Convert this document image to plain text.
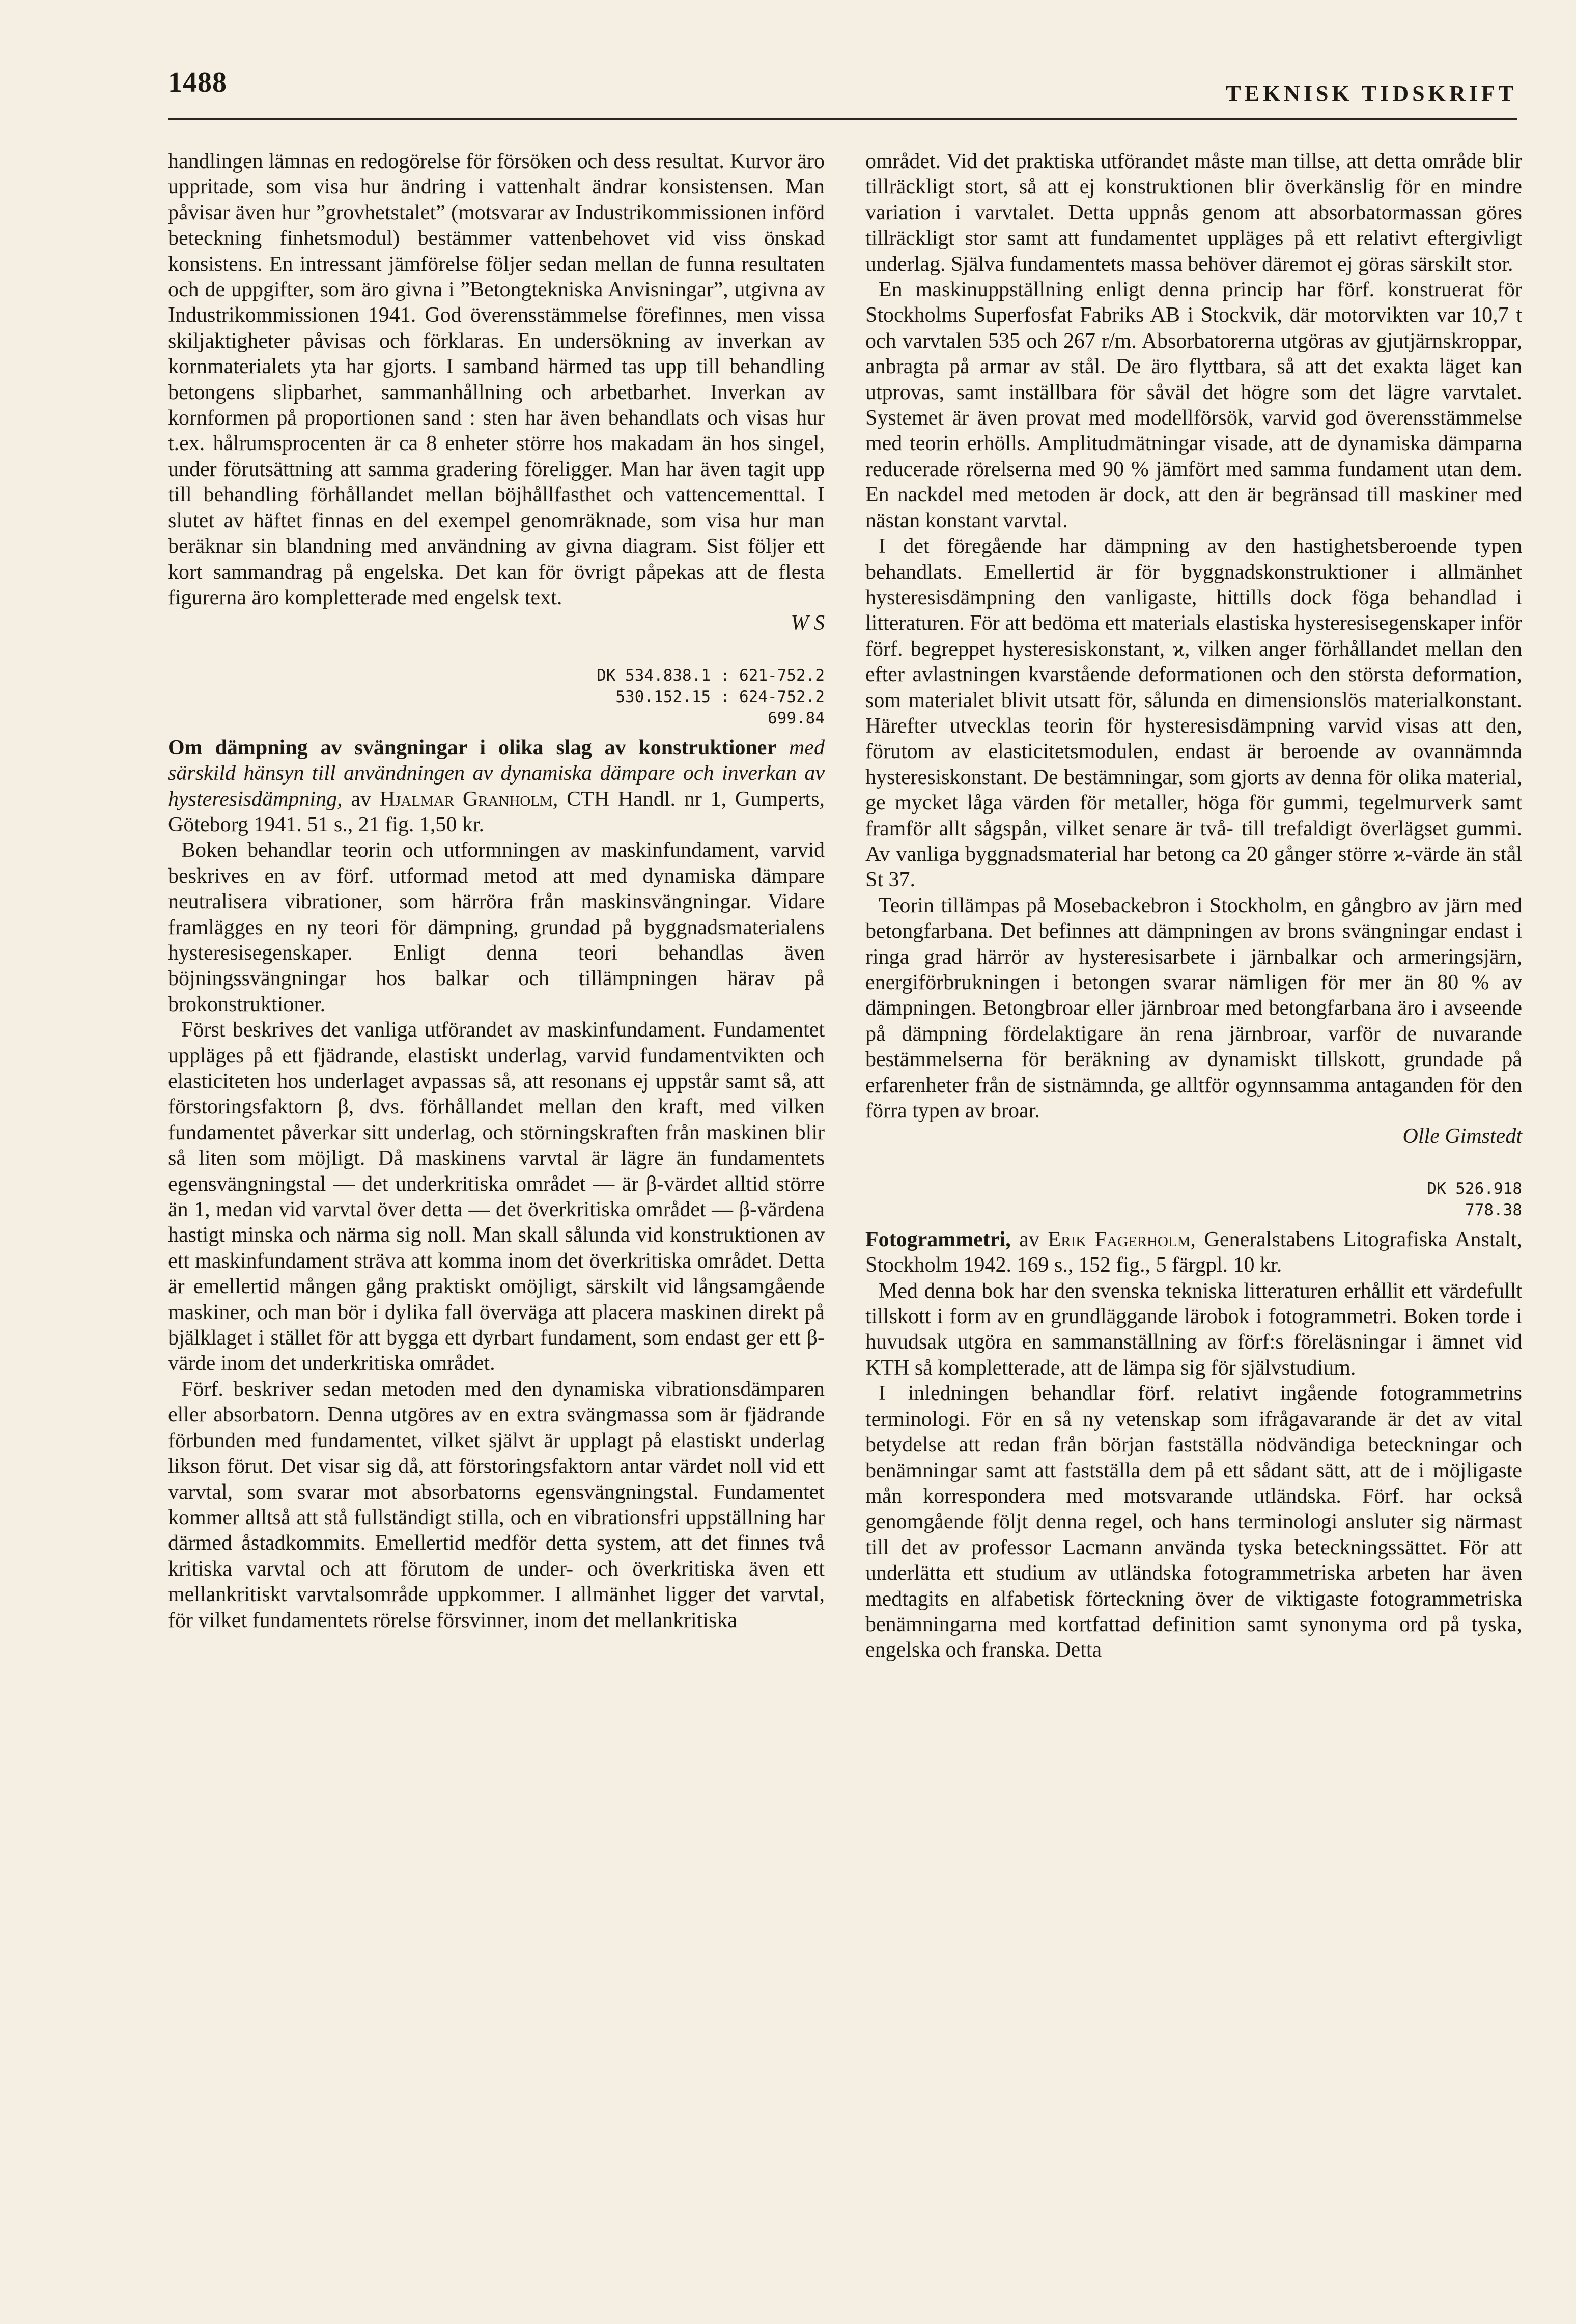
1488	TEKNISK TIDSKRIFT

handlingen lämnas en redogörelse för försöken och dess resultat. Kurvor äro uppritade, som visa hur ändring i vattenhalt ändrar konsistensen. Man påvisar även hur ”grovhetstalet” (motsvarar av Industrikommissionen införd beteckning finhetsmodul) bestämmer vattenbehovet vid viss önskad konsistens. En intressant jämförelse följer sedan mellan de funna resultaten och de uppgifter, som äro givna i ”Betongtekniska Anvisningar”, utgivna av Industrikommissionen 1941. God överensstämmelse förefinnes, men vissa skiljaktigheter påvisas och förklaras. En undersökning av inverkan av kornmaterialets yta har gjorts. I samband härmed tas upp till behandling betongens slipbarhet, sammanhållning och arbetbarhet. Inverkan av kornformen på proportionen sand : sten har även behandlats och visas hur t.ex. hålrumsprocenten är ca 8 enheter större hos makadam än hos singel, under förutsättning att samma gradering föreligger. Man har även tagit upp till behandling förhållandet mellan böjhållfasthet och vattencementtal. I slutet av häftet finnas en del exempel genomräknade, som visa hur man beräknar sin blandning med användning av givna diagram. Sist följer ett kort sammandrag på engelska. Det kan för övrigt påpekas att de flesta figurerna äro kompletterade med engelsk text.
W S

DK 534.838.1 : 621-752.2
530.152.15 : 624-752.2
699.84

Om dämpning av svängningar i olika slag av konstruktioner med särskild hänsyn till användningen av dynamiska dämpare och inverkan av hysteresisdämpning, av Hjalmar Granholm, CTH Handl. nr 1, Gumperts, Göteborg 1941. 51 s., 21 fig. 1,50 kr.

Boken behandlar teorin och utformningen av maskinfundament, varvid beskrives en av förf. utformad metod att med dynamiska dämpare neutralisera vibrationer, som härröra från maskinsvängningar. Vidare framlägges en ny teori för dämpning, grundad på byggnadsmaterialens hysteresisegenskaper. Enligt denna teori behandlas även böjningssvängningar hos balkar och tillämpningen härav på brokonstruktioner.

Först beskrives det vanliga utförandet av maskinfundament. Fundamentet uppläges på ett fjädrande, elastiskt underlag, varvid fundamentvikten och elasticiteten hos underlaget avpassas så, att resonans ej uppstår samt så, att förstoringsfaktorn β, dvs. förhållandet mellan den kraft, med vilken fundamentet påverkar sitt underlag, och störningskraften från maskinen blir så liten som möjligt. Då maskinens varvtal är lägre än fundamentets egensvängningstal — det underkritiska området — är β-värdet alltid större än 1, medan vid varvtal över detta — det överkritiska området — β-värdena hastigt minska och närma sig noll. Man skall sålunda vid konstruktionen av ett maskinfundament sträva att komma inom det överkritiska området. Detta är emellertid mången gång praktiskt omöjligt, särskilt vid långsamgående maskiner, och man bör i dylika fall överväga att placera maskinen direkt på bjälklaget i stället för att bygga ett dyrbart fundament, som endast ger ett β-värde inom det underkritiska området.

Förf. beskriver sedan metoden med den dynamiska vibrationsdämparen eller absorbatorn. Denna utgöres av en extra svängmassa som är fjädrande förbunden med fundamentet, vilket självt är upplagt på elastiskt underlag likson förut. Det visar sig då, att förstoringsfaktorn antar värdet noll vid ett varvtal, som svarar mot absorbatorns egensvängningstal. Fundamentet kommer alltså att stå fullständigt stilla, och en vibrationsfri uppställning har därmed åstadkommits. Emellertid medför detta system, att det finnes två kritiska varvtal och att förutom de under- och överkritiska även ett mellankritiskt varvtalsområde uppkommer. I allmänhet ligger det varvtal, för vilket fundamentets rörelse försvinner, inom det mellankritiska

området. Vid det praktiska utförandet måste man tillse, att detta område blir tillräckligt stort, så att ej konstruktionen blir överkänslig för en mindre variation i varvtalet. Detta uppnås genom att absorbatormassan göres tillräckligt stor samt att fundamentet uppläges på ett relativt eftergivligt underlag. Själva fundamentets massa behöver däremot ej göras särskilt stor.

En maskinuppställning enligt denna princip har förf. konstruerat för Stockholms Superfosfat Fabriks AB i Stockvik, där motorvikten var 10,7 t och varvtalen 535 och 267 r/m. Absorbatorerna utgöras av gjutjärnskroppar, anbragta på armar av stål. De äro flyttbara, så att det exakta läget kan utprovas, samt inställbara för såväl det högre som det lägre varvtalet. Systemet är även provat med modellförsök, varvid god överensstämmelse med teorin erhölls. Amplitudmätningar visade, att de dynamiska dämparna reducerade rörelserna med 90 % jämfört med samma fundament utan dem. En nackdel med metoden är dock, att den är begränsad till maskiner med nästan konstant varvtal.

I det föregående har dämpning av den hastighetsberoende typen behandlats. Emellertid är för byggnadskonstruktioner i allmänhet hysteresisdämpning den vanligaste, hittills dock föga behandlad i litteraturen. För att bedöma ett materials elastiska hysteresisegenskaper inför förf. begreppet hysteresiskonstant, ϰ, vilken anger förhållandet mellan den efter avlastningen kvarstående deformationen och den största deformation, som materialet blivit utsatt för, sålunda en dimensionslös materialkonstant. Härefter utvecklas teorin för hysteresisdämpning varvid visas att den, förutom av elasticitetsmodulen, endast är beroende av ovannämnda hysteresiskonstant. De bestämningar, som gjorts av denna för olika material, ge mycket låga värden för metaller, höga för gummi, tegelmurverk samt framför allt sågspån, vilket senare är två- till trefaldigt överlägset gummi. Av vanliga byggnadsmaterial har betong ca 20 gånger större ϰ-värde än stål St 37.

Teorin tillämpas på Mosebackebron i Stockholm, en gångbro av järn med betongfarbana. Det befinnes att dämpningen av brons svängningar endast i ringa grad härrör av hysteresisarbete i järnbalkar och armeringsjärn, energiförbrukningen i betongen svarar nämligen för mer än 80 % av dämpningen. Betongbroar eller järnbroar med betongfarbana äro i avseende på dämpning fördelaktigare än rena järnbroar, varför de nuvarande bestämmelserna för beräkning av dynamiskt tillskott, grundade på erfarenheter från de sistnämnda, ge alltför ogynnsamma antaganden för den förra typen av broar.
Olle Gimstedt

DK 526.918
778.38

Fotogrammetri, av Erik Fagerholm, Generalstabens Litografiska Anstalt, Stockholm 1942. 169 s., 152 fig., 5 färgpl. 10 kr.

Med denna bok har den svenska tekniska litteraturen erhållit ett värdefullt tillskott i form av en grundläggande lärobok i fotogrammetri. Boken torde i huvudsak utgöra en sammanställning av förf:s föreläsningar i ämnet vid KTH så kompletterade, att de lämpa sig för självstudium.

I inledningen behandlar förf. relativt ingående fotogrammetrins terminologi. För en så ny vetenskap som ifrågavarande är det av vital betydelse att redan från början fastställa nödvändiga beteckningar och benämningar samt att fastställa dem på ett sådant sätt, att de i möjligaste mån korrespondera med motsvarande utländska. Förf. har också genomgående följt denna regel, och hans terminologi ansluter sig närmast till det av professor Lacmann använda tyska beteckningssättet. För att underlätta ett studium av utländska fotogrammetriska arbeten har även medtagits en alfabetisk förteckning över de viktigaste fotogrammetriska benämningarna med kortfattad definition samt synonyma ord på tyska, engelska och franska. Detta
